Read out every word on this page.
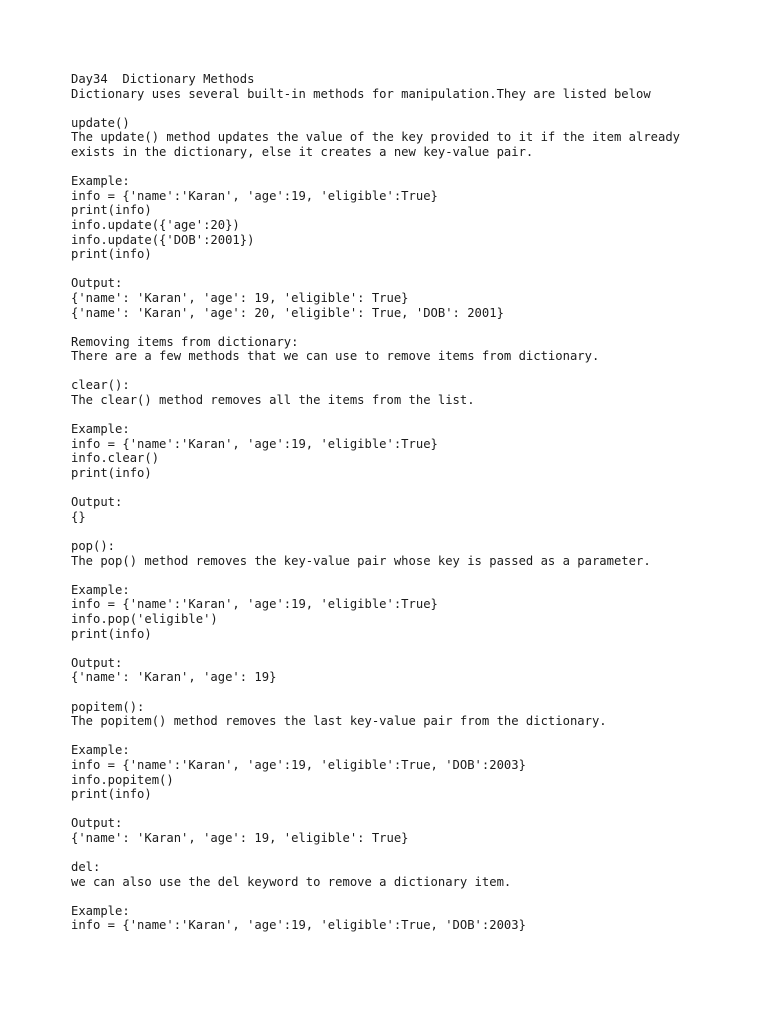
Day34  Dictionary Methods
Dictionary uses several built-in methods for manipulation.They are listed below
update()
The update() method updates the value of the key provided to it if the item already
exists in the dictionary, else it creates a new key-value pair.
Example:
info = {'name':'Karan', 'age':19, 'eligible':True}
print(info)
info.update({'age':20})
info.update({'DOB':2001})
print(info)
Output:
{'name': 'Karan', 'age': 19, 'eligible': True}
{'name': 'Karan', 'age': 20, 'eligible': True, 'DOB': 2001}
Removing items from dictionary:
There are a few methods that we can use to remove items from dictionary.
clear():
The clear() method removes all the items from the list.
Example:
info = {'name':'Karan', 'age':19, 'eligible':True}
info.clear()
print(info)
Output:
{}
pop():
The pop() method removes the key-value pair whose key is passed as a parameter.
Example:
info = {'name':'Karan', 'age':19, 'eligible':True}
info.pop('eligible')
print(info)
Output:
{'name': 'Karan', 'age': 19}
popitem():
The popitem() method removes the last key-value pair from the dictionary.
Example:
info = {'name':'Karan', 'age':19, 'eligible':True, 'DOB':2003}
info.popitem()
print(info)
Output:
{'name': 'Karan', 'age': 19, 'eligible': True}
del:
we can also use the del keyword to remove a dictionary item.
Example:
info = {'name':'Karan', 'age':19, 'eligible':True, 'DOB':2003}
